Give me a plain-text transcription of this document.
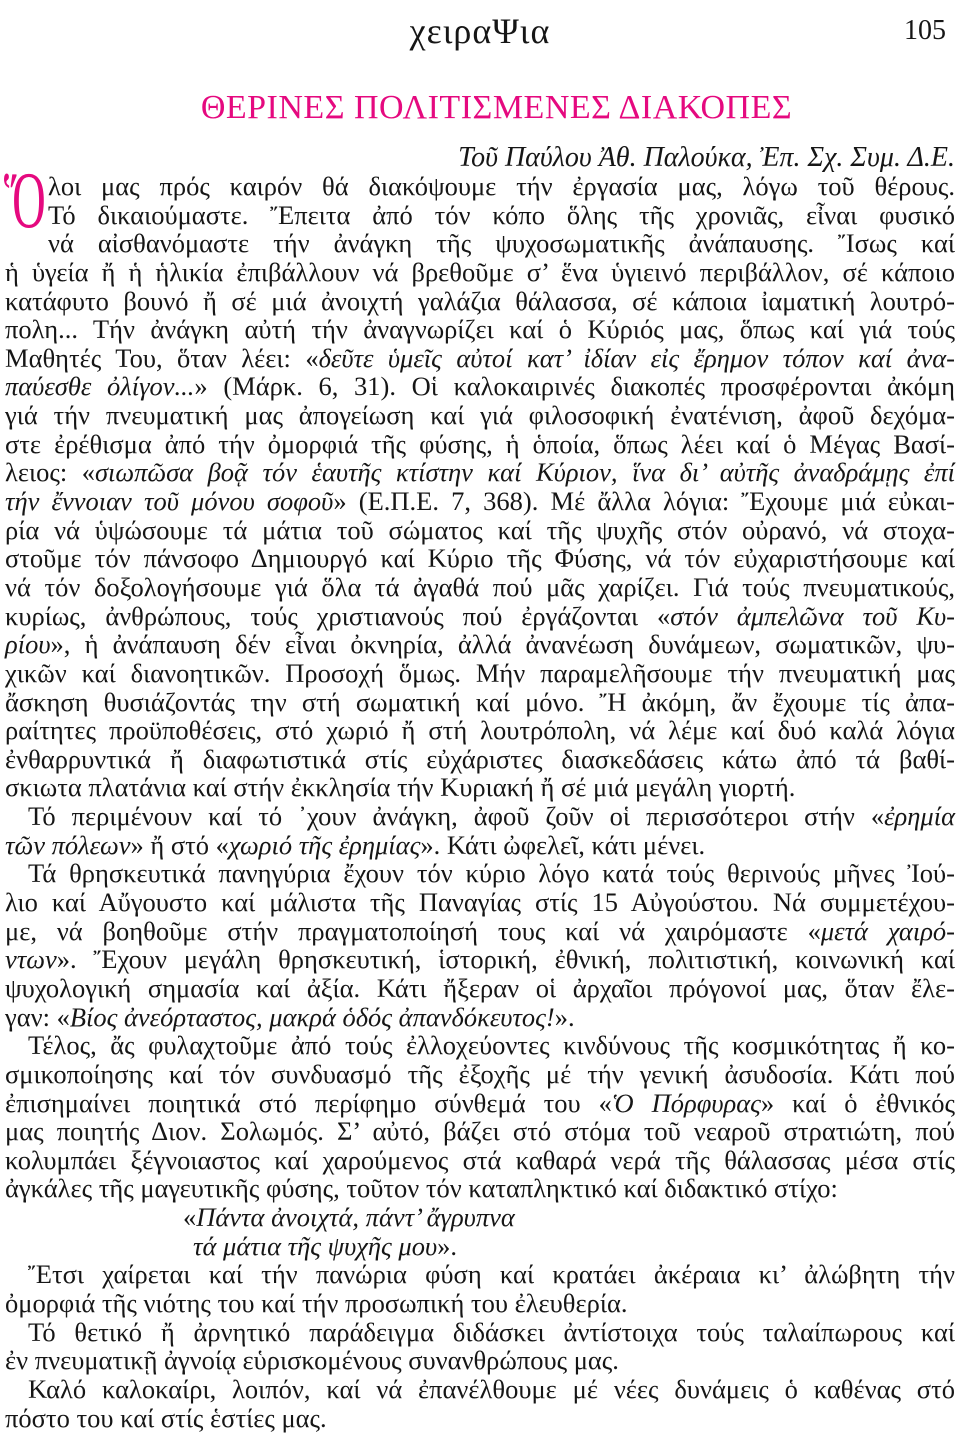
χειραΨια	105
ΘΕΡΙΝΕΣ ΠΟΛΙΤΙΣΜΕΝΕΣ ΔΙΑΚΟΠΕΣ
Τοῦ Παύλου Ἀθ. Παλούκα, Ἐπ. Σχ. Συμ. Δ.Ε.
Ὅ λοι μας πρός καιρόν θά διακόψουμε τήν ἐργασία μας, λόγω τοῦ θέρους.
Τό δικαιούμαστε. Ἔπειτα ἀπό τόν κόπο ὅλης τῆς χρονιᾶς, εἶναι φυσικό
νά αἰσθανόμαστε τήν ἀνάγκη τῆς ψυχοσωματικῆς ἀνάπαυσης. Ἴσως καί
ἡ ὑγεία ἤ ἡ ἡλικία ἐπιβάλλουν νά βρεθοῦμε σ’ ἕνα ὑγιεινό περιβάλλον, σέ κάποιο
κατάφυτο βουνό ἤ σέ μιά ἀνοιχτή γαλάζια θάλασσα, σέ κάποια ἰαματική λουτρό-
πολη... Τήν ἀνάγκη αὐτή τήν ἀναγνωρίζει καί ὁ Κύριός μας, ὅπως καί γιά τούς
Μαθητές Του, ὅταν λέει: «δεῦτε ὑμεῖς αὐτοί κατ’ ἰδίαν εἰς ἔρημον τόπον καί ἀνα-
παύεσθε ὀλίγον...» (Μάρκ. 6, 31). Οἱ καλοκαιρινές διακοπές προσφέρονται ἀκόμη
γιά τήν πνευματική μας ἀπογείωση καί γιά φιλοσοφική ἐνατένιση, ἀφοῦ δεχόμα-
στε ἐρέθισμα ἀπό τήν ὀμορφιά τῆς φύσης, ἡ ὁποία, ὅπως λέει καί ὁ Μέγας Βασί-
λειος: «σιωπῶσα βοᾷ τόν ἑαυτῆς κτίστην καί Κύριον, ἵνα δι’ αὐτῆς ἀναδράμῃς ἐπί
τήν ἔννοιαν τοῦ μόνου σοφοῦ» (Ε.Π.Ε. 7, 368). Μέ ἄλλα λόγια: Ἔχουμε μιά εὐκαι-
ρία νά ὑψώσουμε τά μάτια τοῦ σώματος καί τῆς ψυχῆς στόν οὐρανό, νά στοχα-
στοῦμε τόν πάνσοφο Δημιουργό καί Κύριο τῆς Φύσης, νά τόν εὐχαριστήσουμε καί
νά τόν δοξολογήσουμε γιά ὅλα τά ἀγαθά πού μᾶς χαρίζει. Γιά τούς πνευματικούς,
κυρίως, ἀνθρώπους, τούς χριστιανούς πού ἐργάζονται «στόν ἀμπελῶνα τοῦ Κυ-
ρίου», ἡ ἀνάπαυση δέν εἶναι ὀκνηρία, ἀλλά ἀνανέωση δυνάμεων, σωματικῶν, ψυ-
χικῶν καί διανοητικῶν. Προσοχή ὅμως. Μήν παραμελῆσουμε τήν πνευματική μας
ἄσκηση θυσιάζοντάς την στή σωματική καί μόνο. Ἤ ἀκόμη, ἄν ἔχουμε τίς ἀπα-
ραίτητες προϋποθέσεις, στό χωριό ἤ στή λουτρόπολη, νά λέμε καί δυό καλά λόγια
ἐνθαρρυντικά ἤ διαφωτιστικά στίς εὐχάριστες διασκεδάσεις κάτω ἀπό τά βαθί-
σκιωτα πλατάνια καί στήν ἐκκλησία τήν Κυριακή ἤ σέ μιά μεγάλη γιορτή.
Τό περιμένουν καί τό ᾽χουν ἀνάγκη, ἀφοῦ ζοῦν οἱ περισσότεροι στήν «ἐρημία
τῶν πόλεων» ἤ στό «χωριό τῆς ἐρημίας». Κάτι ὠφελεῖ, κάτι μένει.
Τά θρησκευτικά πανηγύρια ἔχουν τόν κύριο λόγο κατά τούς θερινούς μῆνες Ἰού-
λιο καί Αὔγουστο καί μάλιστα τῆς Παναγίας στίς 15 Αὐγούστου. Νά συμμετέχου-
με, νά βοηθοῦμε στήν πραγματοποίησή τους καί νά χαιρόμαστε «μετά χαιρό-
ντων». Ἔχουν μεγάλη θρησκευτική, ἱστορική, ἐθνική, πολιτιστική, κοινωνική καί
ψυχολογική σημασία καί ἀξία. Κάτι ἤξεραν οἱ ἀρχαῖοι πρόγονοί μας, ὅταν ἔλε-
γαν: «Βίος ἀνεόρταστος, μακρά ὁδός ἀπανδόκευτος!».
Τέλος, ἄς φυλαχτοῦμε ἀπό τούς ἐλλοχεύοντες κινδύνους τῆς κοσμικότητας ἤ κο-
σμικοποίησης καί τόν συνδυασμό τῆς ἐξοχῆς μέ τήν γενική ἀσυδοσία. Κάτι πού
ἐπισημαίνει ποιητικά στό περίφημο σύνθεμά του «Ὁ Πόρφυρας» καί ὁ ἐθνικός
μας ποιητής Διον. Σολωμός. Σ’ αὐτό, βάζει στό στόμα τοῦ νεαροῦ στρατιώτη, πού
κολυμπάει ξέγνοιαστος καί χαρούμενος στά καθαρά νερά τῆς θάλασσας μέσα στίς
ἀγκάλες τῆς μαγευτικῆς φύσης, τοῦτον τόν καταπληκτικό καί διδακτικό στίχο:
«Πάντα ἀνοιχτά, πάντ’ ἄγρυπνα
τά μάτια τῆς ψυχῆς μου».
Ἔτσι χαίρεται καί τήν πανώρια φύση καί κρατάει ἀκέραια κι’ ἀλώβητη τήν
ὀμορφιά τῆς νιότης του καί τήν προσωπική του ἐλευθερία.
Τό θετικό ἤ ἀρνητικό παράδειγμα διδάσκει ἀντίστοιχα τούς ταλαίπωρους καί
ἐν πνευματικῇ ἀγνοίᾳ εὑρισκομένους συνανθρώπους μας.
Καλό καλοκαίρι, λοιπόν, καί νά ἐπανέλθουμε μέ νέες δυνάμεις ὁ καθένας στό
πόστο του καί στίς ἑστίες μας.
